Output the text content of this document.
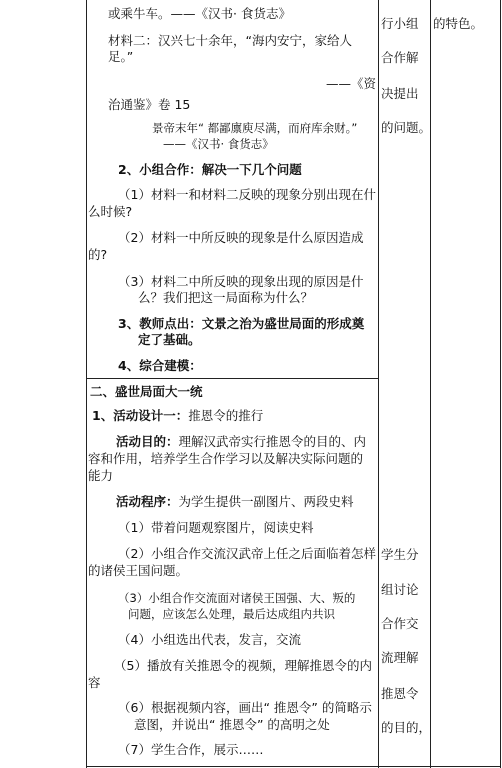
或乘牛车。——《汉书· 食货志》
材料二：汉兴七十余年，“海内安宁，家给人
足。”
——《资
治通鉴》卷 15
景帝末年“ 都鄙廪庾尽满，而府库余财。”
——《汉书· 食货志》
2、小组合作：解决一下几个问题
（1）材料一和材料二反映的现象分别出现在什
么时候?
（2）材料一中所反映的现象是什么原因造成
的?
（3）材料二中所反映的现象出现的原因是什
么？我们把这一局面称为什么？
3、教师点出：文景之治为盛世局面的形成奠
定了基础。
4、综合建模：
二、盛世局面大一统
1、活动设计一：推恩令的推行
活动目的：理解汉武帝实行推恩令的目的、内
容和作用，培养学生合作学习以及解决实际问题的
能力
活动程序：为学生提供一副图片、两段史料
（1）带着问题观察图片，阅读史料
（2）小组合作交流汉武帝上任之后面临着怎样
的诸侯王国问题。
（3）小组合作交流面对诸侯王国强、大、叛的
问题，应该怎么处理，最后达成组内共识
（4）小组选出代表，发言，交流
（5）播放有关推恩令的视频，理解推恩令的内
容
（6）根据视频内容，画出“ 推恩令” 的简略示
意图，并说出“ 推恩令” 的高明之处
（7）学生合作，展示……
行小组
合作解
决提出
的问题。
学生分
组讨论
合作交
流理解
推恩令
的目的，
的特色。
